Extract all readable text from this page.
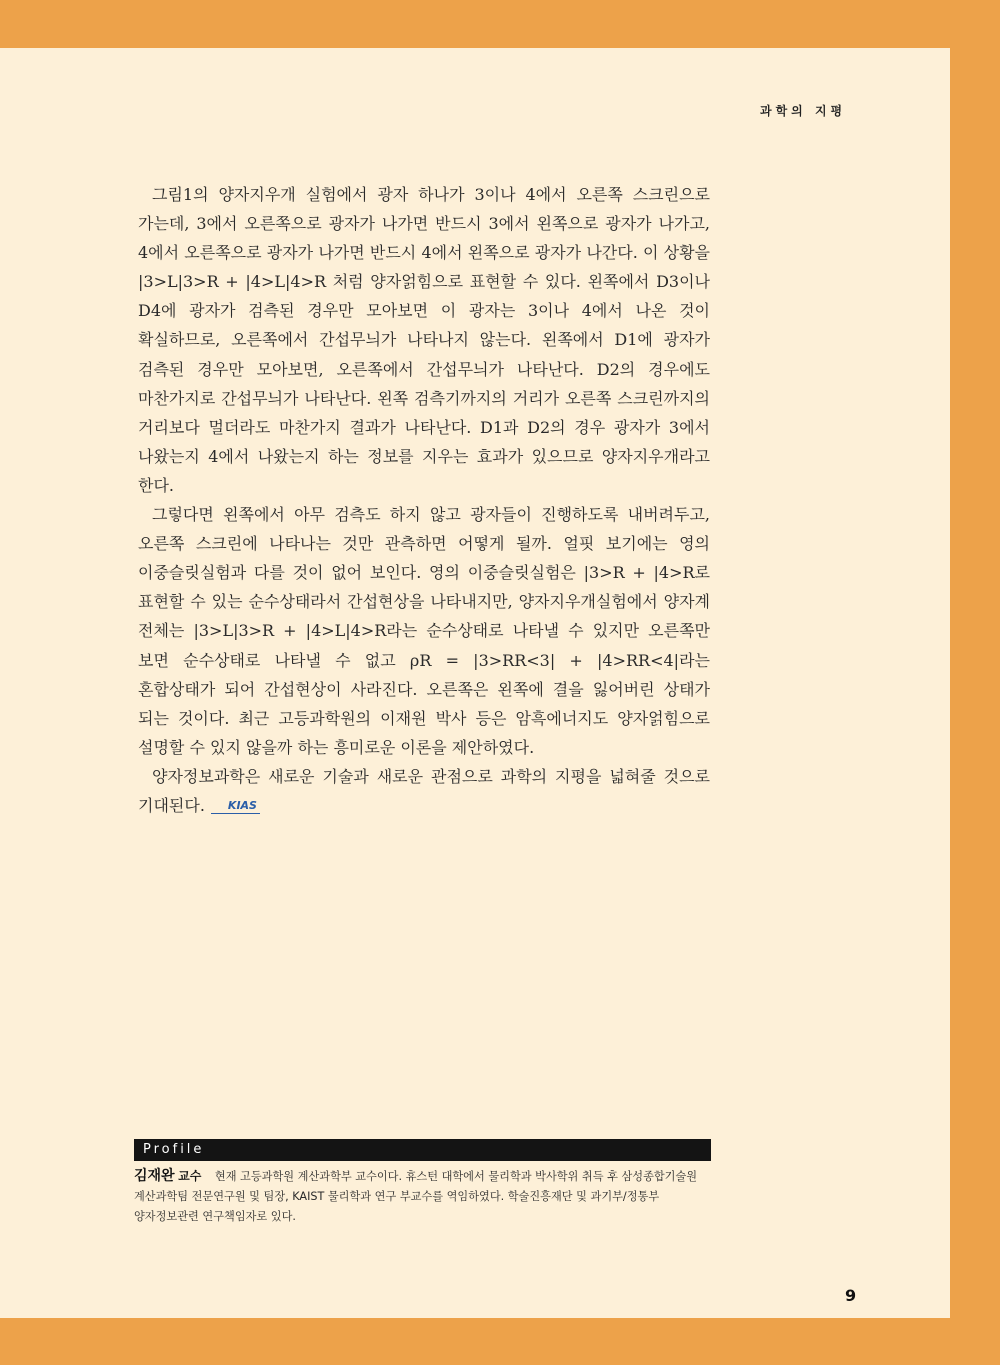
과학의 지평

그림1의 양자지우개 실험에서 광자 하나가 3이나 4에서 오른쪽 스크린으로 가는데, 3에서 오른쪽으로 광자가 나가면 반드시 3에서 왼쪽으로 광자가 나가고, 4에서 오른쪽으로 광자가 나가면 반드시 4에서 왼쪽으로 광자가 나간다. 이 상황을 |3>L|3>R + |4>L|4>R 처럼 양자얽힘으로 표현할 수 있다. 왼쪽에서 D3이나 D4에 광자가 검측된 경우만 모아보면 이 광자는 3이나 4에서 나온 것이 확실하므로, 오른쪽에서 간섭무늬가 나타나지 않는다. 왼쪽에서 D1에 광자가 검측된 경우만 모아보면, 오른쪽에서 간섭무늬가 나타난다. D2의 경우에도 마찬가지로 간섭무늬가 나타난다. 왼쪽 검측기까지의 거리가 오른쪽 스크린까지의 거리보다 멀더라도 마찬가지 결과가 나타난다. D1과 D2의 경우 광자가 3에서 나왔는지 4에서 나왔는지 하는 정보를 지우는 효과가 있으므로 양자지우개라고 한다.

그렇다면 왼쪽에서 아무 검측도 하지 않고 광자들이 진행하도록 내버려두고, 오른쪽 스크린에 나타나는 것만 관측하면 어떻게 될까. 얼핏 보기에는 영의 이중슬릿실험과 다를 것이 없어 보인다. 영의 이중슬릿실험은 |3>R + |4>R로 표현할 수 있는 순수상태라서 간섭현상을 나타내지만, 양자지우개실험에서 양자계 전체는 |3>L|3>R + |4>L|4>R라는 순수상태로 나타낼 수 있지만 오른쪽만 보면 순수상태로 나타낼 수 없고 ρR = |3>RR<3| + |4>RR<4|라는 혼합상태가 되어 간섭현상이 사라진다. 오른쪽은 왼쪽에 결을 잃어버린 상태가 되는 것이다. 최근 고등과학원의 이재원 박사 등은 암흑에너지도 양자얽힘으로 설명할 수 있지 않을까 하는 흥미로운 이론을 제안하였다.

양자정보과학은 새로운 기술과 새로운 관점으로 과학의 지평을 넓혀줄 것으로 기대된다. KIAS

Profile
김재완 교수 현재 고등과학원 계산과학부 교수이다. 휴스턴 대학에서 물리학과 박사학위 취득 후 삼성종합기술원 계산과학팀 전문연구원 및 팀장, KAIST 물리학과 연구 부교수를 역임하였다. 학술진흥재단 및 과기부/정통부 양자정보관련 연구책임자로 있다.
9
